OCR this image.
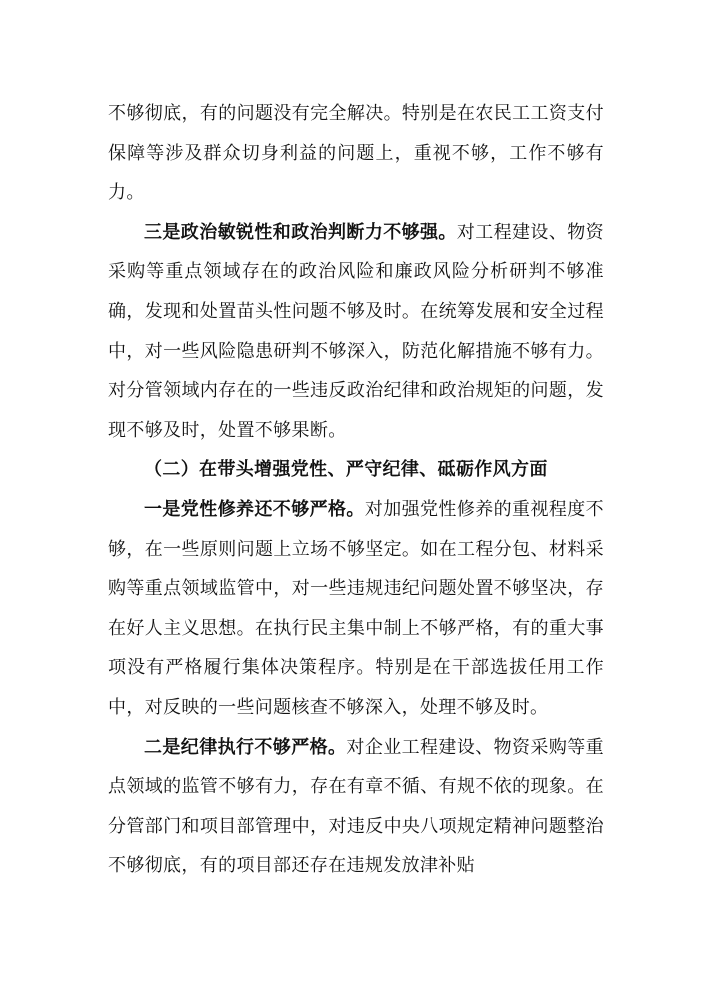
不够彻底，有的问题没有完全解决。特别是在农民工工资支付保障等涉及群众切身利益的问题上，重视不够，工作不够有力。

三是政治敏锐性和政治判断力不够强。对工程建设、物资采购等重点领域存在的政治风险和廉政风险分析研判不够准确，发现和处置苗头性问题不够及时。在统筹发展和安全过程中，对一些风险隐患研判不够深入，防范化解措施不够有力。对分管领域内存在的一些违反政治纪律和政治规矩的问题，发现不够及时，处置不够果断。

（二）在带头增强党性、严守纪律、砥砺作风方面

一是党性修养还不够严格。对加强党性修养的重视程度不够，在一些原则问题上立场不够坚定。如在工程分包、材料采购等重点领域监管中，对一些违规违纪问题处置不够坚决，存在好人主义思想。在执行民主集中制上不够严格，有的重大事项没有严格履行集体决策程序。特别是在干部选拔任用工作中，对反映的一些问题核查不够深入，处理不够及时。

二是纪律执行不够严格。对企业工程建设、物资采购等重点领域的监管不够有力，存在有章不循、有规不依的现象。在分管部门和项目部管理中，对违反中央八项规定精神问题整治不够彻底，有的项目部还存在违规发放津补贴
